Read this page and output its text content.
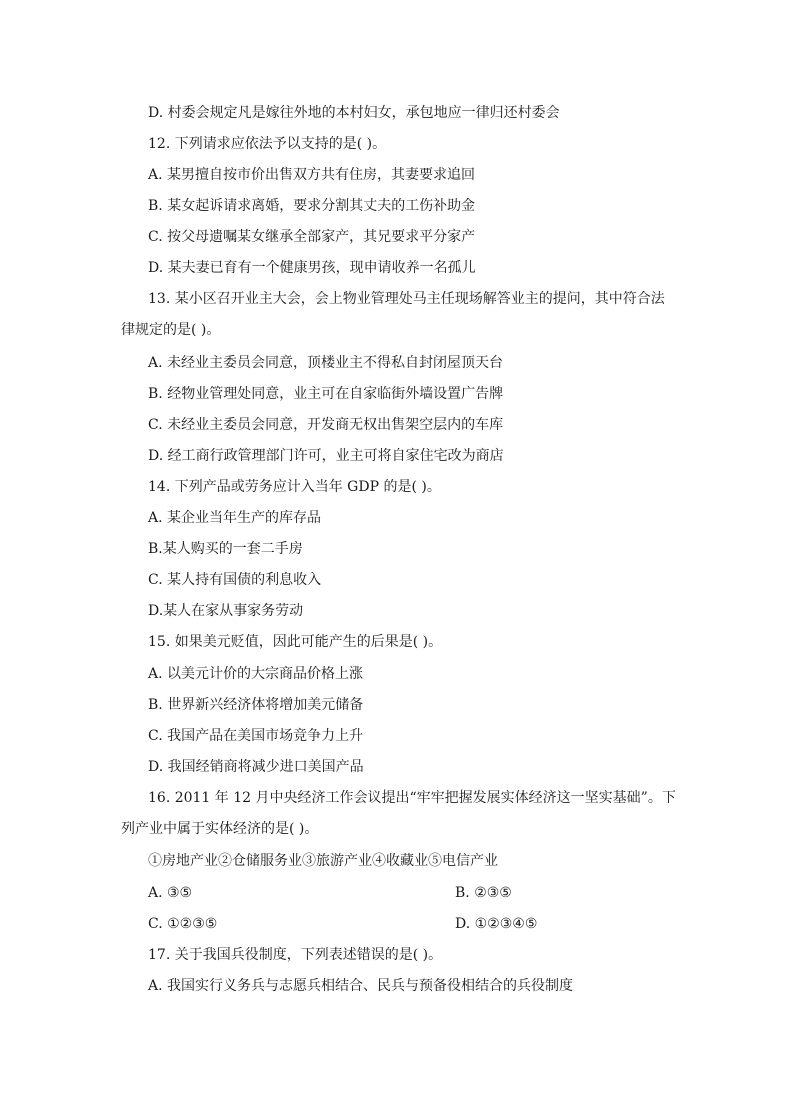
D. 村委会规定凡是嫁往外地的本村妇女，承包地应一律归还村委会
12. 下列请求应依法予以支持的是( )。
A. 某男擅自按市价出售双方共有住房，其妻要求追回
B. 某女起诉请求离婚，要求分割其丈夫的工伤补助金
C. 按父母遗嘱某女继承全部家产，其兄要求平分家产
D. 某夫妻已育有一个健康男孩，现申请收养一名孤儿
13. 某小区召开业主大会，会上物业管理处马主任现场解答业主的提问，其中符合法
律规定的是( )。
A. 未经业主委员会同意，顶楼业主不得私自封闭屋顶天台
B. 经物业管理处同意，业主可在自家临街外墙设置广告牌
C. 未经业主委员会同意，开发商无权出售架空层内的车库
D. 经工商行政管理部门许可，业主可将自家住宅改为商店
14. 下列产品或劳务应计入当年 GDP 的是( )。
A. 某企业当年生产的库存品
B.某人购买的一套二手房
C. 某人持有国债的利息收入
D.某人在家从事家务劳动
15. 如果美元贬值，因此可能产生的后果是( )。
A. 以美元计价的大宗商品价格上涨
B. 世界新兴经济体将增加美元储备
C. 我国产品在美国市场竞争力上升
D. 我国经销商将减少进口美国产品
16. 2011 年 12 月中央经济工作会议提出“牢牢把握发展实体经济这一坚实基础”。下
列产业中属于实体经济的是( )。
①房地产业②仓储服务业③旅游产业④收藏业⑤电信产业
A. ③⑤	B. ②③⑤
C. ①②③⑤	D. ①②③④⑤
17. 关于我国兵役制度，下列表述错误的是( )。
A. 我国实行义务兵与志愿兵相结合、民兵与预备役相结合的兵役制度
